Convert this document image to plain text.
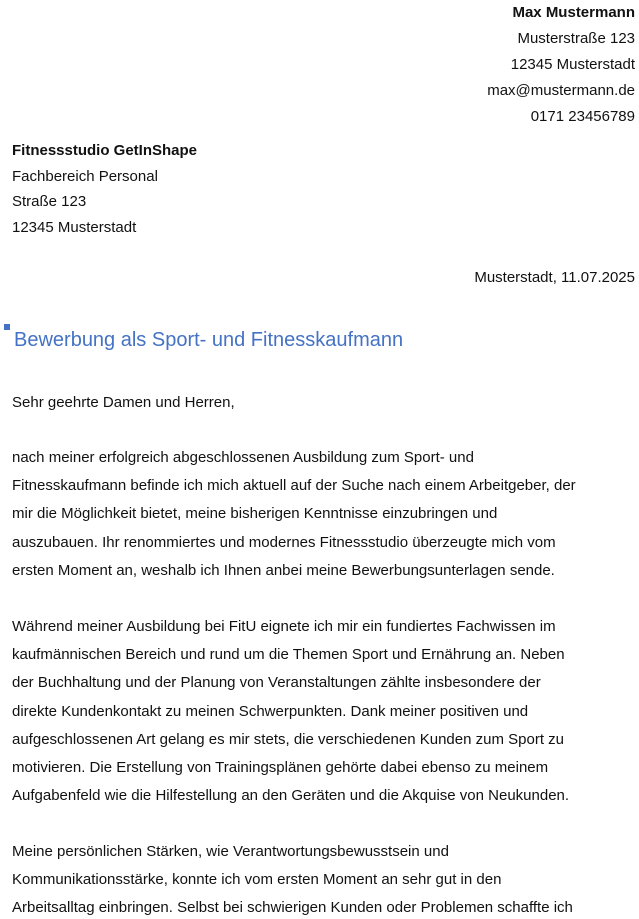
Max Mustermann
Musterstraße 123
12345 Musterstadt
max@mustermann.de
0171 23456789
Fitnessstudio GetInShape
Fachbereich Personal
Straße 123
12345 Musterstadt
Musterstadt, 11.07.2025
Bewerbung als Sport- und Fitnesskaufmann
Sehr geehrte Damen und Herren,
nach meiner erfolgreich abgeschlossenen Ausbildung zum Sport- und
Fitnesskaufmann befinde ich mich aktuell auf der Suche nach einem Arbeitgeber, der
mir die Möglichkeit bietet, meine bisherigen Kenntnisse einzubringen und
auszubauen. Ihr renommiertes und modernes Fitnessstudio überzeugte mich vom
ersten Moment an, weshalb ich Ihnen anbei meine Bewerbungsunterlagen sende.
Während meiner Ausbildung bei FitU eignete ich mir ein fundiertes Fachwissen im
kaufmännischen Bereich und rund um die Themen Sport und Ernährung an. Neben
der Buchhaltung und der Planung von Veranstaltungen zählte insbesondere der
direkte Kundenkontakt zu meinen Schwerpunkten. Dank meiner positiven und
aufgeschlossenen Art gelang es mir stets, die verschiedenen Kunden zum Sport zu
motivieren. Die Erstellung von Trainingsplänen gehörte dabei ebenso zu meinem
Aufgabenfeld wie die Hilfestellung an den Geräten und die Akquise von Neukunden.
Meine persönlichen Stärken, wie Verantwortungsbewusstsein und
Kommunikationsstärke, konnte ich vom ersten Moment an sehr gut in den
Arbeitsalltag einbringen. Selbst bei schwierigen Kunden oder Problemen schaffte ich
